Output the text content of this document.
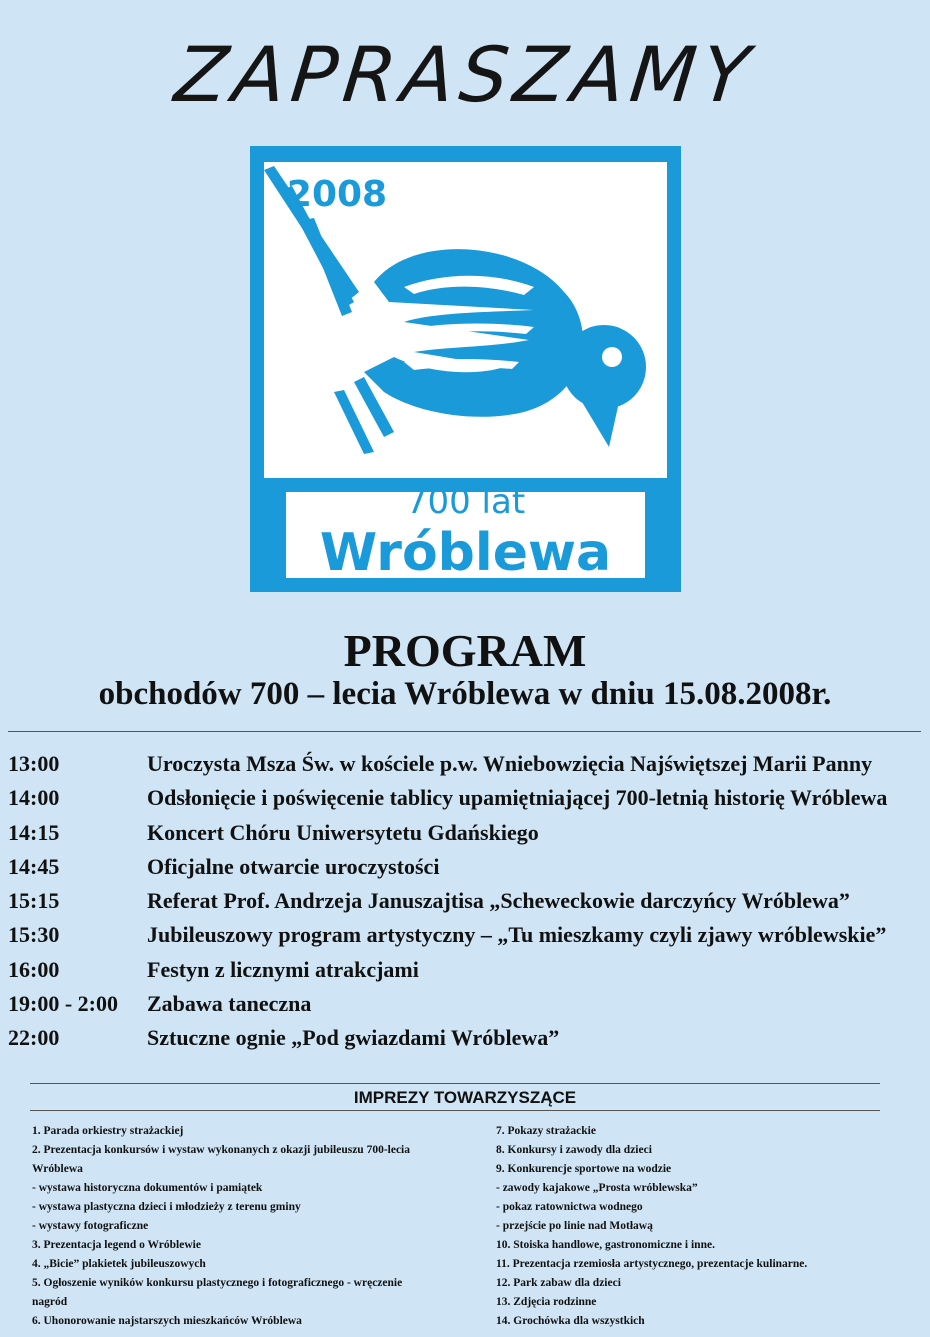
ZAPRASZAMY
2008
700 lat
Wróblewa
PROGRAM
obchodów 700 – lecia Wróblewa w dniu 15.08.2008r.
13:00	Uroczysta Msza Św. w kościele p.w. Wniebowzięcia Najświętszej Marii Panny
14:00	Odsłonięcie i poświęcenie tablicy upamiętniającej 700-letnią historię Wróblewa
14:15	Koncert Chóru Uniwersytetu Gdańskiego
14:45	Oficjalne otwarcie uroczystości
15:15	Referat Prof. Andrzeja Januszajtisa „Scheweckowie darczyńcy Wróblewa”
15:30	Jubileuszowy program artystyczny – „Tu mieszkamy czyli zjawy wróblewskie”
16:00	Festyn z licznymi atrakcjami
19:00 - 2:00 Zabawa taneczna
22:00	Sztuczne ognie „Pod gwiazdami Wróblewa”
IMPREZY TOWARZYSZĄCE
1. Parada orkiestry strażackiej
2. Prezentacja konkursów i wystaw wykonanych z okazji jubileuszu 700-lecia
Wróblewa
- wystawa historyczna dokumentów i pamiątek
- wystawa plastyczna dzieci i młodzieży z terenu gminy
- wystawy fotograficzne
3. Prezentacja legend o Wróblewie
4. „Bicie” plakietek jubileuszowych
5. Ogłoszenie wyników konkursu plastycznego i fotograficznego - wręczenie
nagród
6. Uhonorowanie najstarszych mieszkańców Wróblewa
7. Pokazy strażackie
8. Konkursy i zawody dla dzieci
9. Konkurencje sportowe na wodzie
- zawody kajakowe „Prosta wróblewska”
- pokaz ratownictwa wodnego
- przejście po linie nad Motławą
10. Stoiska handlowe, gastronomiczne i inne.
11. Prezentacja rzemiosła artystycznego, prezentacje kulinarne.
12. Park zabaw dla dzieci
13. Zdjęcia rodzinne
14. Grochówka dla wszystkich
